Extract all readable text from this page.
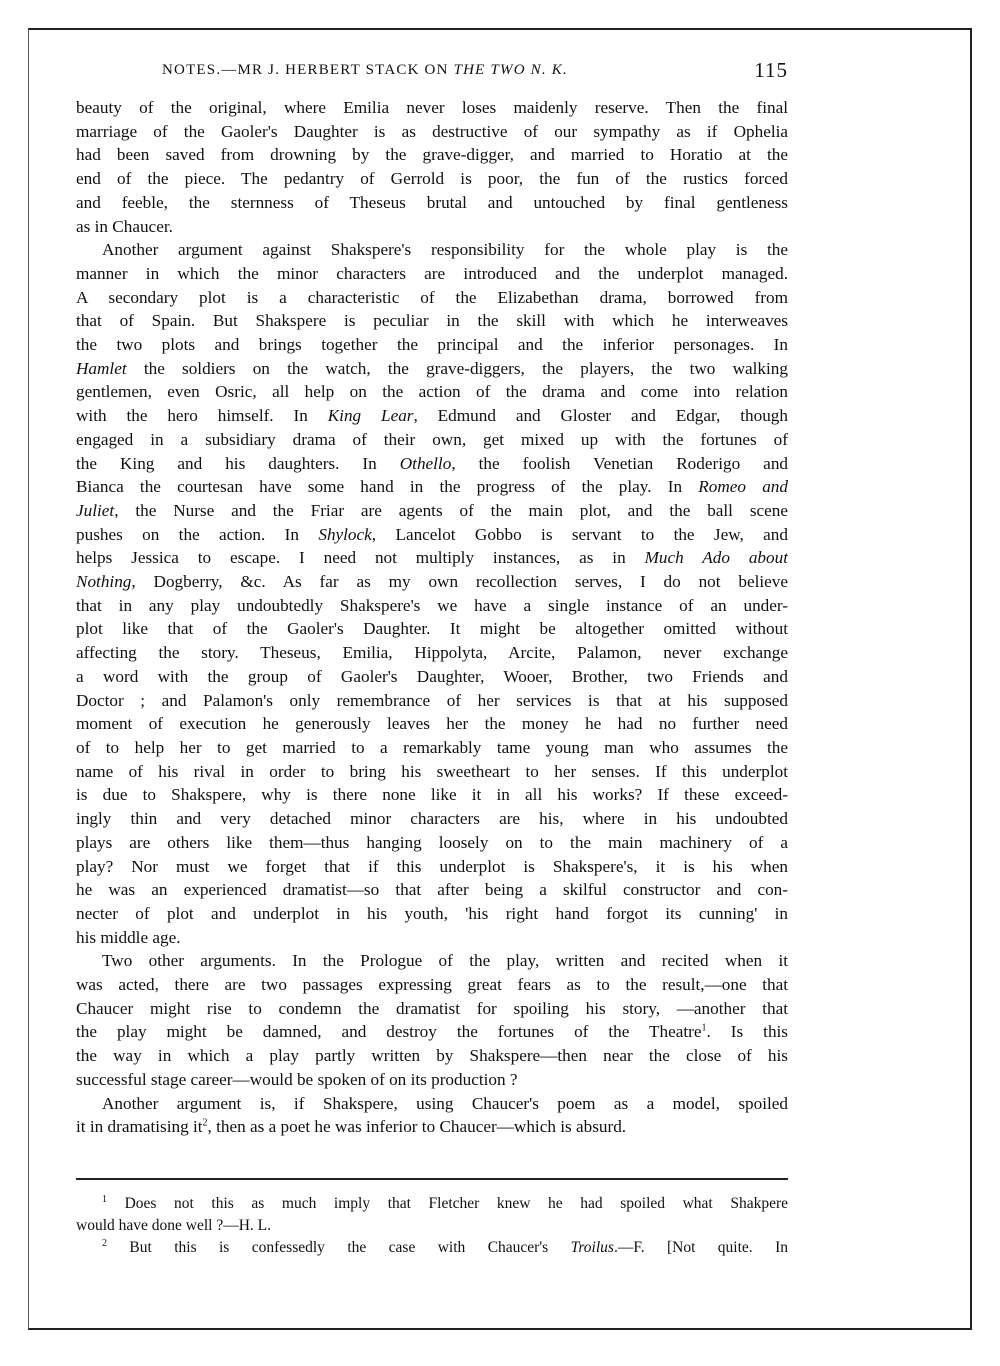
NOTES.—MR J. HERBERT STACK ON THE TWO N. K.	115
beauty of the original, where Emilia never loses maidenly reserve. Then the final
marriage of the Gaoler's Daughter is as destructive of our sympathy as if Ophelia
had been saved from drowning by the grave-digger, and married to Horatio at the
end of the piece. The pedantry of Gerrold is poor, the fun of the rustics forced
and feeble, the sternness of Theseus brutal and untouched by final gentleness
as in Chaucer.
Another argument against Shakspere's responsibility for the whole play is the
manner in which the minor characters are introduced and the underplot managed.
A secondary plot is a characteristic of the Elizabethan drama, borrowed from
that of Spain. But Shakspere is peculiar in the skill with which he interweaves
the two plots and brings together the principal and the inferior personages. In
Hamlet the soldiers on the watch, the grave-diggers, the players, the two walking
gentlemen, even Osric, all help on the action of the drama and come into relation
with the hero himself. In King Lear, Edmund and Gloster and Edgar, though
engaged in a subsidiary drama of their own, get mixed up with the fortunes of
the King and his daughters. In Othello, the foolish Venetian Roderigo and
Bianca the courtesan have some hand in the progress of the play. In Romeo and
Juliet, the Nurse and the Friar are agents of the main plot, and the ball scene
pushes on the action. In Shylock, Lancelot Gobbo is servant to the Jew, and
helps Jessica to escape. I need not multiply instances, as in Much Ado about
Nothing, Dogberry, &c. As far as my own recollection serves, I do not believe
that in any play undoubtedly Shakspere's we have a single instance of an under-
plot like that of the Gaoler's Daughter. It might be altogether omitted without
affecting the story. Theseus, Emilia, Hippolyta, Arcite, Palamon, never exchange
a word with the group of Gaoler's Daughter, Wooer, Brother, two Friends and
Doctor ; and Palamon's only remembrance of her services is that at his supposed
moment of execution he generously leaves her the money he had no further need
of to help her to get married to a remarkably tame young man who assumes the
name of his rival in order to bring his sweetheart to her senses. If this underplot
is due to Shakspere, why is there none like it in all his works? If these exceed-
ingly thin and very detached minor characters are his, where in his undoubted
plays are others like them—thus hanging loosely on to the main machinery of a
play? Nor must we forget that if this underplot is Shakspere's, it is his when
he was an experienced dramatist—so that after being a skilful constructor and con-
necter of plot and underplot in his youth, 'his right hand forgot its cunning' in
his middle age.
Two other arguments. In the Prologue of the play, written and recited when it
was acted, there are two passages expressing great fears as to the result,—one that
Chaucer might rise to condemn the dramatist for spoiling his story, —another that
the play might be damned, and destroy the fortunes of the Theatre$^1$. Is this
the way in which a play partly written by Shakspere—then near the close of his
successful stage career—would be spoken of on its production ?
Another argument is, if Shakspere, using Chaucer's poem as a model, spoiled
it in dramatising $it^2$, then as a poet he was inferior to Chaucer—which is absurd.
$^1$ Does not this as much imply that Fletcher knew he had spoiled what Shakpere
would have done well ?—H. L.
$^2$ But this is confessedly the case with Chaucer's Troilus.—F. [Not quite. In
